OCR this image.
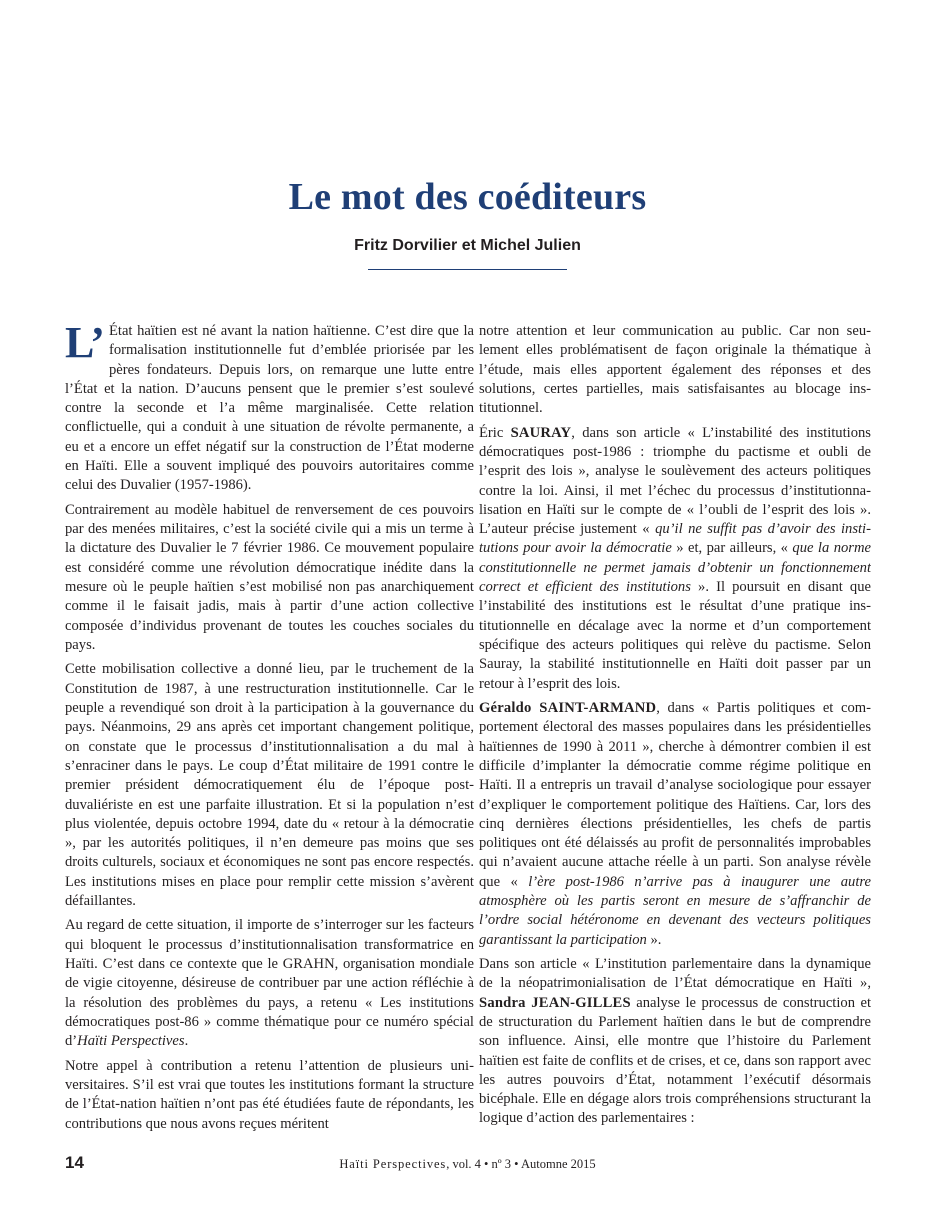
Le mot des coéditeurs
Fritz Dorvilier et Michel Julien

L’ État haïtien est né avant la nation haïtienne. C’est dire que la formalisation institutionnelle fut d’emblée priorisée par les pères fondateurs. Depuis lors, on remarque une lutte entre l’État et la nation. D’aucuns pensent que le premier s’est soulevé contre la seconde et l’a même marginalisée. Cette relation conflictuelle, qui a conduit à une situation de révolte permanente, a eu et a encore un effet négatif sur la construction de l’État moderne en Haïti. Elle a souvent impliqué des pouvoirs autoritaires comme celui des Duvalier (1957-1986).

Contrairement au modèle habituel de renversement de ces pouvoirs par des menées militaires, c’est la société civile qui a mis un terme à la dictature des Duvalier le 7 février 1986. Ce mouvement populaire est considéré comme une révolution démocratique inédite dans la mesure où le peuple haïtien s’est mobilisé non pas anarchiquement comme il le faisait jadis, mais à partir d’une action collective composée d’individus provenant de toutes les couches sociales du pays.

Cette mobilisation collective a donné lieu, par le truchement de la Constitution de 1987, à une restructuration institutionnelle. Car le peuple a revendiqué son droit à la participation à la gouvernance du pays. Néanmoins, 29 ans après cet important changement politique, on constate que le processus d’institutionnalisation a du mal à s’enraciner dans le pays. Le coup d’État militaire de 1991 contre le premier président démocratiquement élu de l’époque post-duvaliériste en est une parfaite illustration. Et si la population n’est plus violentée, depuis octobre 1994, date du « retour à la démocratie », par les autorités politiques, il n’en demeure pas moins que ses droits culturels, sociaux et économiques ne sont pas encore respectés. Les institutions mises en place pour remplir cette mission s’avèrent défaillantes.

Au regard de cette situation, il importe de s’interroger sur les facteurs qui bloquent le processus d’institutionnalisation transformatrice en Haïti. C’est dans ce contexte que le GRAHN, organisation mondiale de vigie citoyenne, désireuse de contribuer par une action réfléchie à la résolution des problèmes du pays, a retenu « Les institutions démocratiques post-86 » comme thématique pour ce numéro spécial d’Haïti Perspectives.

Notre appel à contribution a retenu l’attention de plusieurs universitaires. S’il est vrai que toutes les institutions formant la structure de l’État-nation haïtien n’ont pas été étudiées faute de répondants, les contributions que nous avons reçues méritent

notre attention et leur communication au public. Car non seulement elles problématisent de façon originale la thématique à l’étude, mais elles apportent également des réponses et des solutions, certes partielles, mais satisfaisantes au blocage institutionnel.

Éric SAURAY, dans son article « L’instabilité des institutions démocratiques post-1986 : triomphe du pactisme et oubli de l’esprit des lois », analyse le soulèvement des acteurs politiques contre la loi. Ainsi, il met l’échec du processus d’institutionnalisation en Haïti sur le compte de « l’oubli de l’esprit des lois ». L’auteur précise justement « qu’il ne suffit pas d’avoir des institutions pour avoir la démocratie » et, par ailleurs, « que la norme constitutionnelle ne permet jamais d’obtenir un fonctionnement correct et efficient des institutions ». Il poursuit en disant que l’instabilité des institutions est le résultat d’une pratique institutionnelle en décalage avec la norme et d’un comportement spécifique des acteurs politiques qui relève du pactisme. Selon Sauray, la stabilité institutionnelle en Haïti doit passer par un retour à l’esprit des lois.

Géraldo SAINT-ARMAND, dans « Partis politiques et comportement électoral des masses populaires dans les présidentielles haïtiennes de 1990 à 2011 », cherche à démontrer combien il est difficile d’implanter la démocratie comme régime politique en Haïti. Il a entrepris un travail d’analyse sociologique pour essayer d’expliquer le comportement politique des Haïtiens. Car, lors des cinq dernières élections présidentielles, les chefs de partis politiques ont été délaissés au profit de personnalités improbables qui n’avaient aucune attache réelle à un parti. Son analyse révèle que « l’ère post-1986 n’arrive pas à inaugurer une autre atmosphère où les partis seront en mesure de s’affranchir de l’ordre social hétéronome en devenant des vecteurs politiques garantissant la participation ».

Dans son article « L’institution parlementaire dans la dynamique de la néopatrimonialisation de l’État démocratique en Haïti », Sandra JEAN-GILLES analyse le processus de construction et de structuration du Parlement haïtien dans le but de comprendre son influence. Ainsi, elle montre que l’histoire du Parlement haïtien est faite de conflits et de crises, et ce, dans son rapport avec les autres pouvoirs d’État, notamment l’exécutif désormais bicéphale. Elle en dégage alors trois compréhensions structurant la logique d’action des parlementaires :

14	Haïti Perspectives, vol. 4 • nº 3 • Automne 2015
